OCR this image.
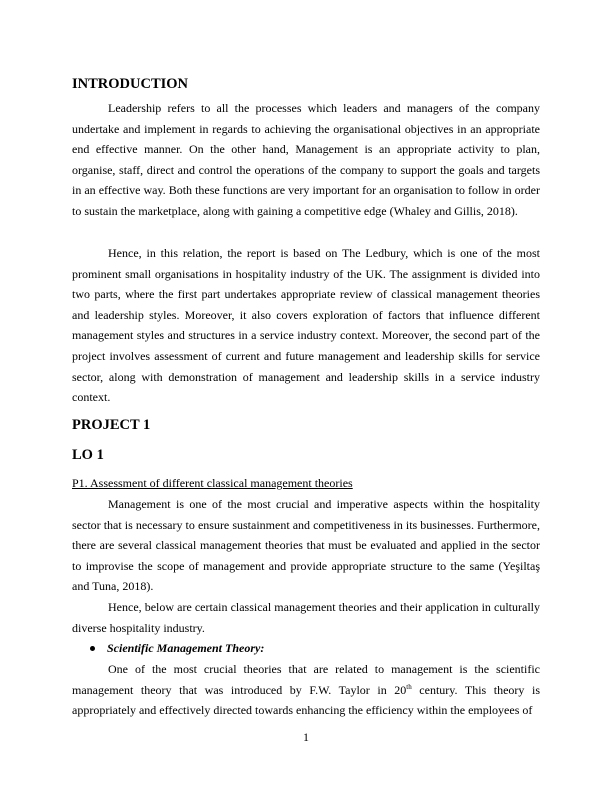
INTRODUCTION

Leadership refers to all the processes which leaders and managers of the company undertake and implement in regards to achieving the organisational objectives in an appropriate end effective manner. On the other hand, Management is an appropriate activity to plan, organise, staff, direct and control the operations of the company to support the goals and targets in an effective way. Both these functions are very important for an organisation to follow in order to sustain the marketplace, along with gaining a competitive edge (Whaley and Gillis, 2018).

Hence, in this relation, the report is based on The Ledbury, which is one of the most prominent small organisations in hospitality industry of the UK. The assignment is divided into two parts, where the first part undertakes appropriate review of classical management theories and leadership styles. Moreover, it also covers exploration of factors that influence different management styles and structures in a service industry context. Moreover, the second part of the project involves assessment of current and future management and leadership skills for service sector, along with demonstration of management and leadership skills in a service industry context.

PROJECT 1
LO 1

P1. Assessment of different classical management theories

Management is one of the most crucial and imperative aspects within the hospitality sector that is necessary to ensure sustainment and competitiveness in its businesses. Furthermore, there are several classical management theories that must be evaluated and applied in the sector to improvise the scope of management and provide appropriate structure to the same (Yeşiltaş and Tuna, 2018).

Hence, below are certain classical management theories and their application in culturally diverse hospitality industry.

Scientific Management Theory:

One of the most crucial theories that are related to management is the scientific management theory that was introduced by F.W. Taylor in 20th century. This theory is appropriately and effectively directed towards enhancing the efficiency within the employees of

1
